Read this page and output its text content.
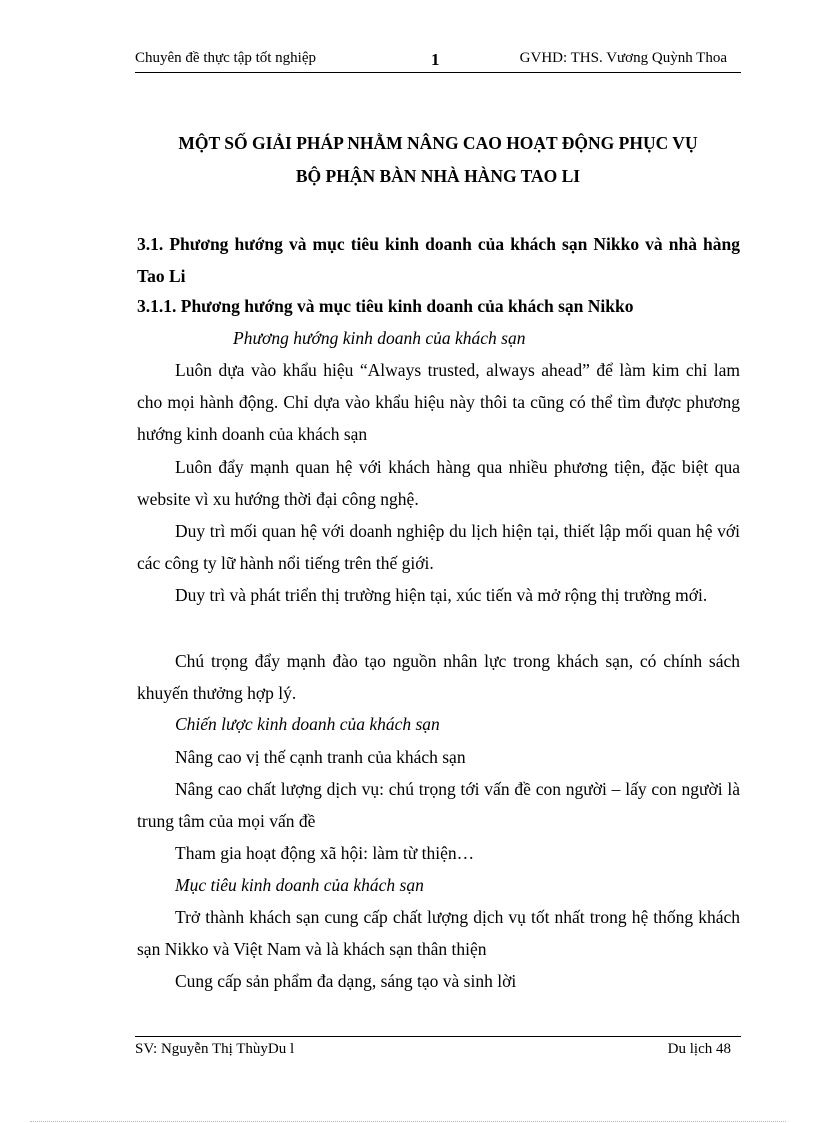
Chuyên đề thực tập tốt nghiệp	1	GVHD: THS. Vương Quỳnh Thoa
MỘT SỐ GIẢI PHÁP NHẰM NÂNG CAO HOẠT ĐỘNG PHỤC VỤ
BỘ PHẬN BÀN NHÀ HÀNG TAO LI

3.1. Phương hướng và mục tiêu kinh doanh của khách sạn Nikko và nhà hàng Tao Li

3.1.1. Phương hướng và mục tiêu kinh doanh của khách sạn Nikko

Phương hướng kinh doanh của khách sạn

Luôn dựa vào khẩu hiệu “Always trusted, always ahead” để làm kim chỉ lam cho mọi hành động. Chỉ dựa vào khẩu hiệu này thôi ta cũng có thể tìm được phương hướng kinh doanh của khách sạn

Luôn đẩy mạnh quan hệ với khách hàng qua nhiều phương tiện, đặc biệt qua website vì xu hướng thời đại công nghệ.

Duy trì mối quan hệ với doanh nghiệp du lịch hiện tại, thiết lập mối quan hệ với các công ty lữ hành nổi tiếng trên thế giới.

Duy trì và phát triển thị trường hiện tại, xúc tiến và mở rộng thị trường mới.

Chú trọng đẩy mạnh đào tạo nguồn nhân lực trong khách sạn, có chính sách khuyến thưởng hợp lý.

Chiến lược kinh doanh của khách sạn

Nâng cao vị thế cạnh tranh của khách sạn

Nâng cao chất lượng dịch vụ: chú trọng tới vấn đề con người – lấy con người là trung tâm của mọi vấn đề

Tham gia hoạt động xã hội: làm từ thiện…

Mục tiêu kinh doanh của khách sạn

Trở thành khách sạn cung cấp chất lượng dịch vụ tốt nhất trong hệ thống khách sạn Nikko và Việt Nam và là khách sạn thân thiện

Cung cấp sản phẩm đa dạng, sáng tạo và sinh lời

SV: Nguyễn Thị ThùyDu l	Du lịch 48
